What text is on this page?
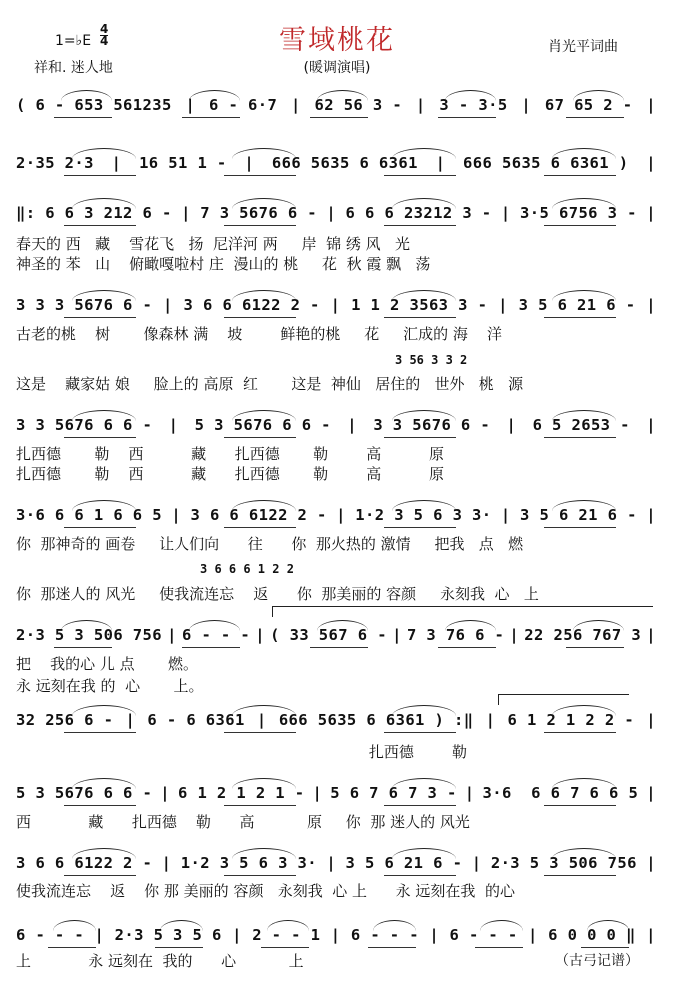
雪域桃花
(暖调演唱)
1=♭E
4
4
祥和. 迷人地
肖光平词曲
( 6 - 653 561235 | 6 - 6·7 | 62 56 3 - | 3 - 3·5 | 67 65 2 - |
2·35 2·3 | 16 51 1 - | 666 5635 6 6361 | 666 5635 6 6361 ) |
‖: 6 6 3 212 6 - | 7 3 5676 6 - | 6 6 6 23212 3 - | 3·5 6756 3 - |
春天的 西   藏    雪花飞   扬  尼洋河 两     岸  锦 绣 风   光
神圣的 苯   山    俯瞰嘎啦村 庄  漫山的 桃     花  秋 霞 飘   荡
3 3 3 5676 6 - | 3 6 6 6122 2 - | 1 1 2 3563 3 - | 3 5 6 21 6 - |
古老的桃    树       像森林 满    坡        鲜艳的桃     花     汇成的 海    洋
这是    藏家姑 娘     脸上的 高原  红       这是  神仙   居住的   世外   桃   源
3 56 3 3 2
3 3 5676 6 6 - | 5 3 5676 6 6 - | 3 3 5676 6 - | 6 5 2653 - |
扎西德       勒    西          藏      扎西德       勒        高          原
扎西德       勒    西          藏      扎西德       勒        高          原
3·6 6 6 1 6 6 5 | 3 6 6 6122 2 - | 1·2 3 5 6 3 3· | 3 5 6 21 6 - |
你  那神奇的 画卷     让人们向      往      你  那火热的 激情     把我   点   燃
你  那迷人的 风光     使我流连忘    返      你  那美丽的 容颜     永刻我  心   上
3 6 6 6 1 2 2
2·3 5 3 506 756 | 6 - - - | ( 33 567 6 - | 7 3 76 6 - | 22 256 767 3 |
把    我的心 儿 点       燃。
永 远刻在我 的  心       上。
32 256 6 - | 6 - 6 6361 | 666 5635 6 6361 ) :‖ | 6 1 2 1 2 2 - |
扎西德        勒
5 3 5676 6 6 - | 6 1 2 1 2 1 - | 5 6 7 6 7 3 - | 3·6  6 6 7 6 6 5 |
西            藏      扎西德    勒      高           原     你  那 迷人的 风光
3 6 6 6122 2 - | 1·2 3 5 6 3 3· | 3 5 6 21 6 - | 2·3 5 3 506 756 |
使我流连忘    返    你 那 美丽的 容颜   永刻我  心 上      永 远刻在我  的心
6 - - - | 2·3 5 3 5 6 | 2 - - 1 | 6 - - - | 6 - - - | 6 0 0 0 ‖ |
上            永 远刻在  我的      心           上	（古弓记谱）
